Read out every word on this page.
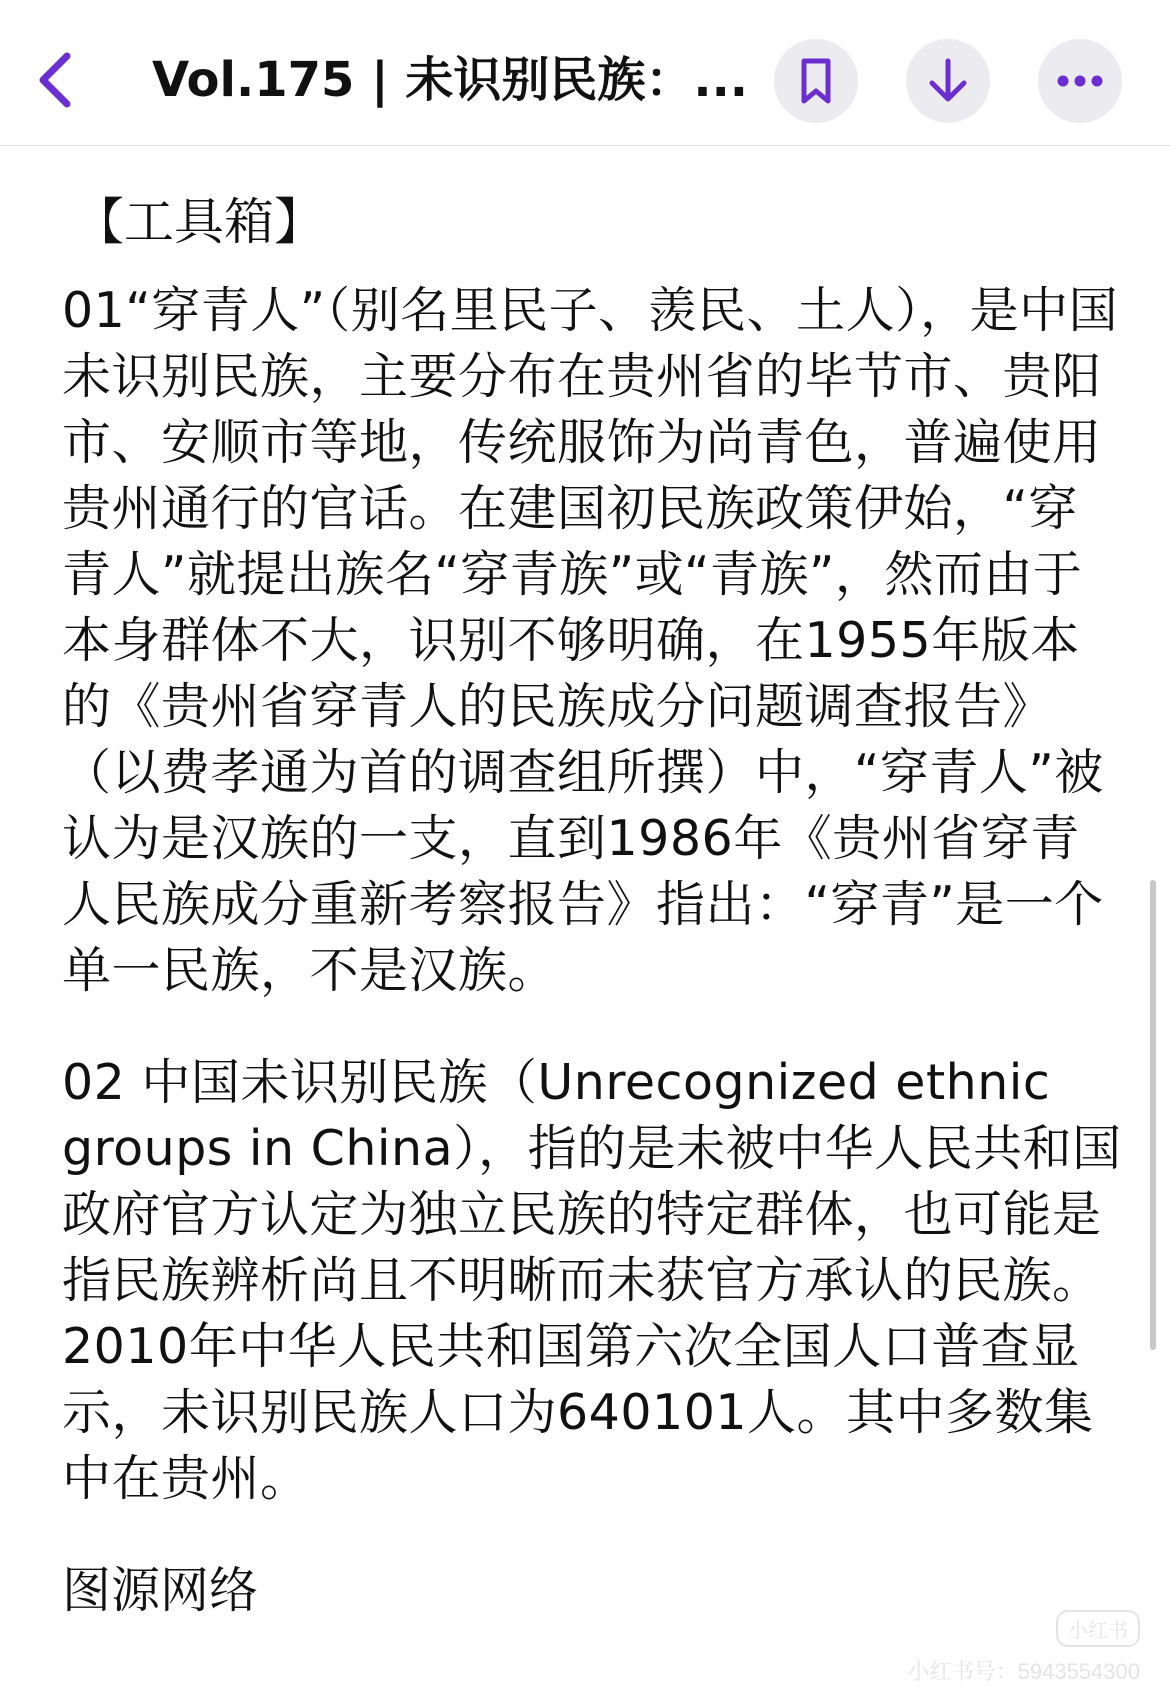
Vol.175 | 未识别民族：...
【工具箱】

01“穿青人”（别名里民子、羡民、土人），是中国未识别民族，主要分布在贵州省的毕节市、贵阳市、安顺市等地，传统服饰为尚青色，普遍使用贵州通行的官话。在建国初民族政策伊始，“穿青人”就提出族名“穿青族”或“青族”，然而由于本身群体不大，识别不够明确，在1955年版本的《贵州省穿青人的民族成分问题调查报告》（以费孝通为首的调查组所撰）中，“穿青人”被认为是汉族的一支，直到1986年《贵州省穿青人民族成分重新考察报告》指出：“穿青”是一个单一民族，不是汉族。

02 中国未识别民族（Unrecognized ethnic groups in China），指的是未被中华人民共和国政府官方认定为独立民族的特定群体，也可能是指民族辨析尚且不明晰而未获官方承认的民族。2010年中华人民共和国第六次全国人口普查显示，未识别民族人口为640101人。其中多数集中在贵州。

图源网络

小红书
小红书号：5943554300
